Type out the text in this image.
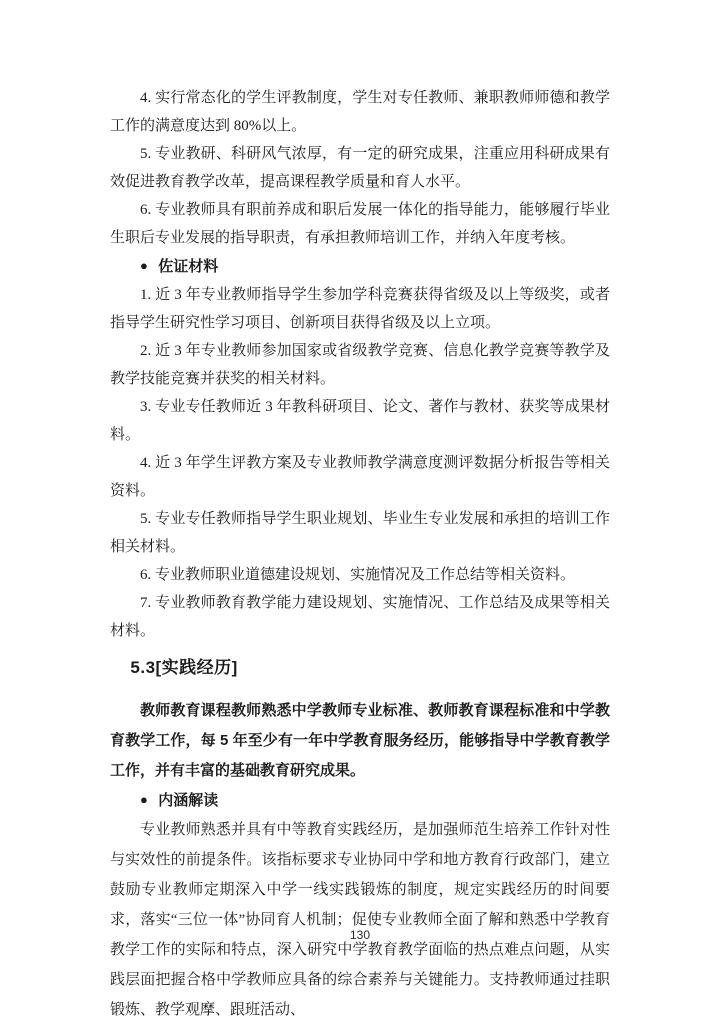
4. 实行常态化的学生评教制度，学生对专任教师、兼职教师师德和教学工作的满意度达到 80%以上。

5. 专业教研、科研风气浓厚，有一定的研究成果，注重应用科研成果有效促进教育教学改革，提高课程教学质量和育人水平。

6. 专业教师具有职前养成和职后发展一体化的指导能力，能够履行毕业生职后专业发展的指导职责，有承担教师培训工作，并纳入年度考核。

● 佐证材料

1. 近 3 年专业教师指导学生参加学科竞赛获得省级及以上等级奖，或者指导学生研究性学习项目、创新项目获得省级及以上立项。

2. 近 3 年专业教师参加国家或省级教学竞赛、信息化教学竞赛等教学及教学技能竞赛并获奖的相关材料。

3. 专业专任教师近 3 年教科研项目、论文、著作与教材、获奖等成果材料。

4. 近 3 年学生评教方案及专业教师教学满意度测评数据分析报告等相关资料。

5. 专业专任教师指导学生职业规划、毕业生专业发展和承担的培训工作相关材料。

6. 专业教师职业道德建设规划、实施情况及工作总结等相关资料。

7. 专业教师教育教学能力建设规划、实施情况、工作总结及成果等相关材料。

5.3[实践经历]

教师教育课程教师熟悉中学教师专业标准、教师教育课程标准和中学教育教学工作，每 5 年至少有一年中学教育服务经历，能够指导中学教育教学工作，并有丰富的基础教育研究成果。

● 内涵解读

专业教师熟悉并具有中等教育实践经历，是加强师范生培养工作针对性与实效性的前提条件。该指标要求专业协同中学和地方教育行政部门，建立鼓励专业教师定期深入中学一线实践锻炼的制度，规定实践经历的时间要求，落实“三位一体”协同育人机制；促使专业教师全面了解和熟悉中学教育教学工作的实际和特点，深入研究中学教育教学面临的热点难点问题，从实践层面把握合格中学教师应具备的综合素养与关键能力。支持教师通过挂职锻炼、教学观摩、跟班活动、

130
